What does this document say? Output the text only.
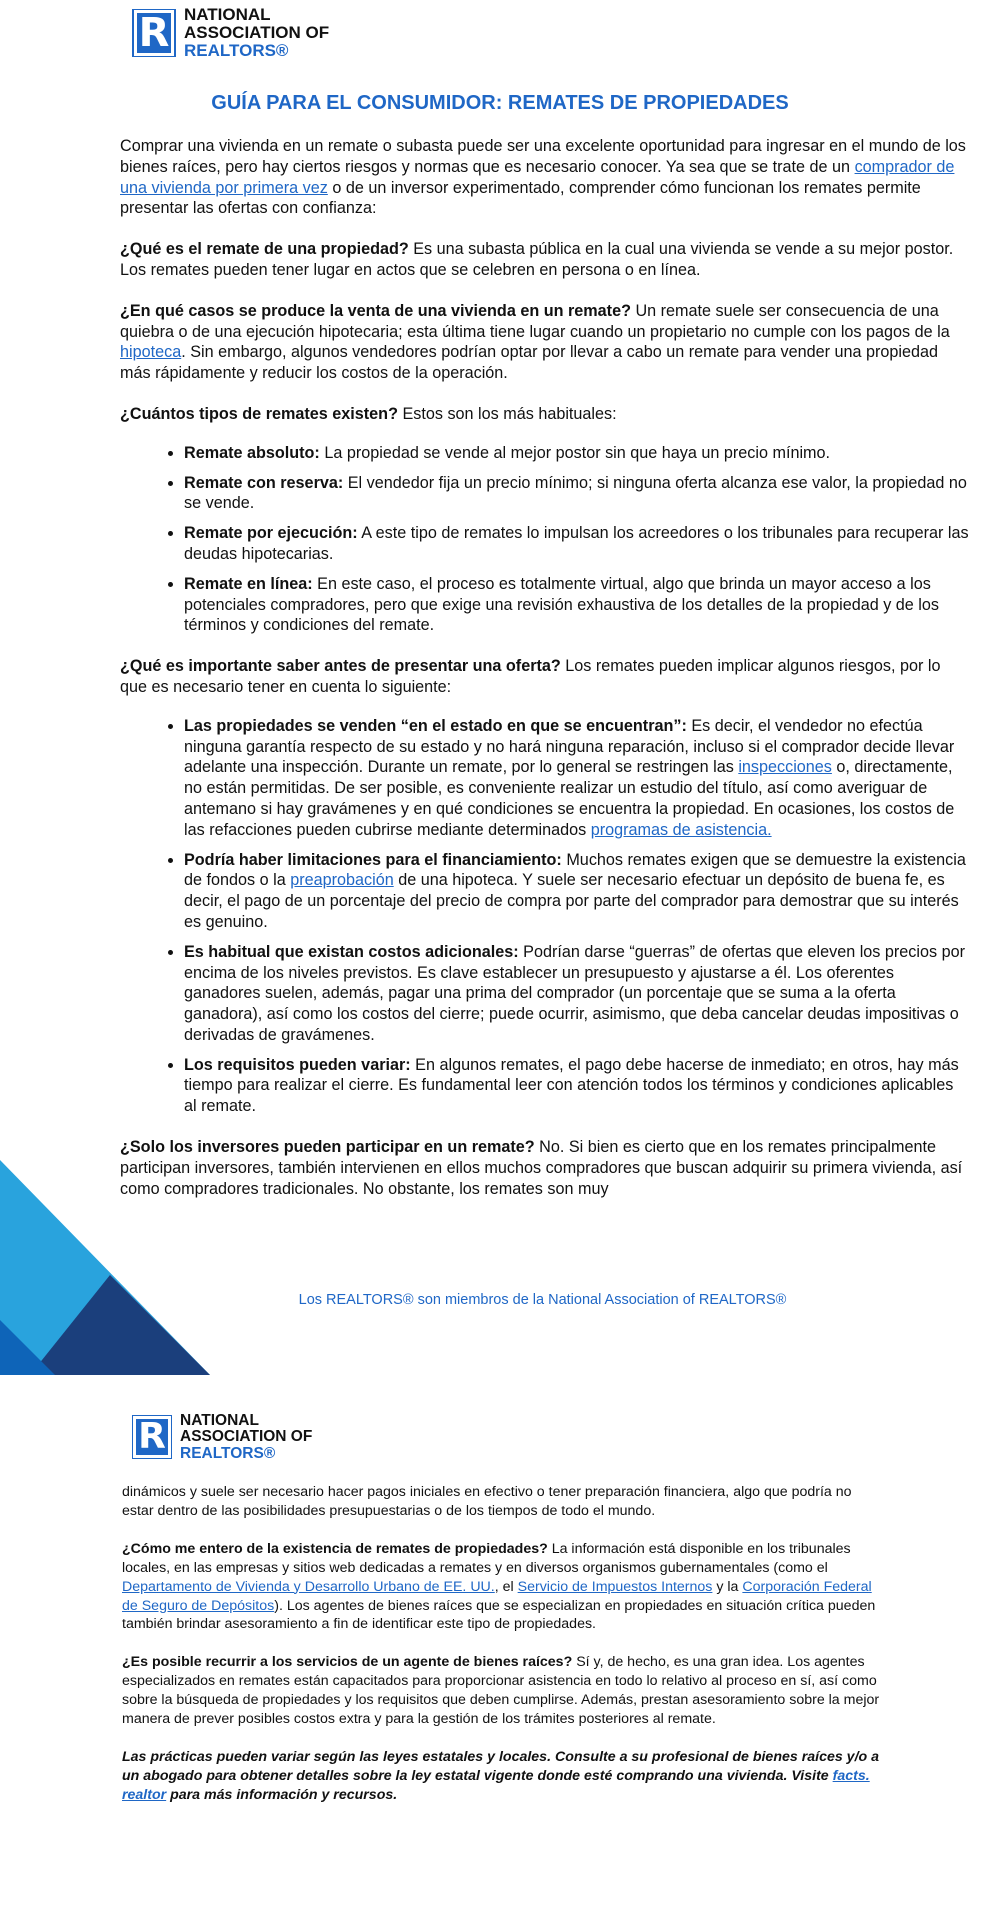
R NATIONAL
ASSOCIATION OF
REALTORS®
GUÍA PARA EL CONSUMIDOR: REMATES DE PROPIEDADES

Comprar una vivienda en un remate o subasta puede ser una excelente oportunidad para ingresar en el mundo de los bienes raíces, pero hay ciertos riesgos y normas que es necesario conocer. Ya sea que se trate de un comprador de una vivienda por primera vez o de un inversor experimentado, comprender cómo funcionan los remates permite presentar las ofertas con confianza:

¿Qué es el remate de una propiedad? Es una subasta pública en la cual una vivienda se vende a su mejor postor. Los remates pueden tener lugar en actos que se celebren en persona o en línea.

¿En qué casos se produce la venta de una vivienda en un remate? Un remate suele ser consecuencia de una quiebra o de una ejecución hipotecaria; esta última tiene lugar cuando un propietario no cumple con los pagos de la hipoteca. Sin embargo, algunos vendedores podrían optar por llevar a cabo un remate para vender una propiedad más rápidamente y reducir los costos de la operación.

¿Cuántos tipos de remates existen? Estos son los más habituales:

• Remate absoluto: La propiedad se vende al mejor postor sin que haya un precio mínimo.
• Remate con reserva: El vendedor fija un precio mínimo; si ninguna oferta alcanza ese valor, la propiedad no se vende.
• Remate por ejecución: A este tipo de remates lo impulsan los acreedores o los tribunales para recuperar las deudas hipotecarias.
• Remate en línea: En este caso, el proceso es totalmente virtual, algo que brinda un mayor acceso a los potenciales compradores, pero que exige una revisión exhaustiva de los detalles de la propiedad y de los términos y condiciones del remate.

¿Qué es importante saber antes de presentar una oferta? Los remates pueden implicar algunos riesgos, por lo que es necesario tener en cuenta lo siguiente:

• Las propiedades se venden “en el estado en que se encuentran”: Es decir, el vendedor no efectúa ninguna garantía respecto de su estado y no hará ninguna reparación, incluso si el comprador decide llevar adelante una inspección. Durante un remate, por lo general se restringen las inspecciones o, directamente, no están permitidas. De ser posible, es conveniente realizar un estudio del título, así como averiguar de antemano si hay gravámenes y en qué condiciones se encuentra la propiedad. En ocasiones, los costos de las refacciones pueden cubrirse mediante determinados programas de asistencia.
• Podría haber limitaciones para el financiamiento: Muchos remates exigen que se demuestre la existencia de fondos o la preaprobación de una hipoteca. Y suele ser necesario efectuar un depósito de buena fe, es decir, el pago de un porcentaje del precio de compra por parte del comprador para demostrar que su interés es genuino.
• Es habitual que existan costos adicionales: Podrían darse “guerras” de ofertas que eleven los precios por encima de los niveles previstos. Es clave establecer un presupuesto y ajustarse a él. Los oferentes ganadores suelen, además, pagar una prima del comprador (un porcentaje que se suma a la oferta ganadora), así como los costos del cierre; puede ocurrir, asimismo, que deba cancelar deudas impositivas o derivadas de gravámenes.
• Los requisitos pueden variar: En algunos remates, el pago debe hacerse de inmediato; en otros, hay más tiempo para realizar el cierre. Es fundamental leer con atención todos los términos y condiciones aplicables al remate.

¿Solo los inversores pueden participar en un remate? No. Si bien es cierto que en los remates principalmente participan inversores, también intervienen en ellos muchos compradores que buscan adquirir su primera vivienda, así como compradores tradicionales. No obstante, los remates son muy

Los REALTORS® son miembros de la National Association of REALTORS®
R NATIONAL
ASSOCIATION OF
REALTORS®

dinámicos y suele ser necesario hacer pagos iniciales en efectivo o tener preparación financiera, algo que podría no estar dentro de las posibilidades presupuestarias o de los tiempos de todo el mundo.

¿Cómo me entero de la existencia de remates de propiedades? La información está disponible en los tribunales locales, en las empresas y sitios web dedicadas a remates y en diversos organismos gubernamentales (como el Departamento de Vivienda y Desarrollo Urbano de EE. UU., el Servicio de Impuestos Internos y la Corporación Federal de Seguro de Depósitos). Los agentes de bienes raíces que se especializan en propiedades en situación crítica pueden también brindar asesoramiento a fin de identificar este tipo de propiedades.

¿Es posible recurrir a los servicios de un agente de bienes raíces? Sí y, de hecho, es una gran idea. Los agentes especializados en remates están capacitados para proporcionar asistencia en todo lo relativo al proceso en sí, así como sobre la búsqueda de propiedades y los requisitos que deben cumplirse. Además, prestan asesoramiento sobre la mejor manera de prever posibles costos extra y para la gestión de los trámites posteriores al remate.

Las prácticas pueden variar según las leyes estatales y locales. Consulte a su profesional de bienes raíces y/o a un abogado para obtener detalles sobre la ley estatal vigente donde esté comprando una vivienda. Visite facts. realtor para más información y recursos.
